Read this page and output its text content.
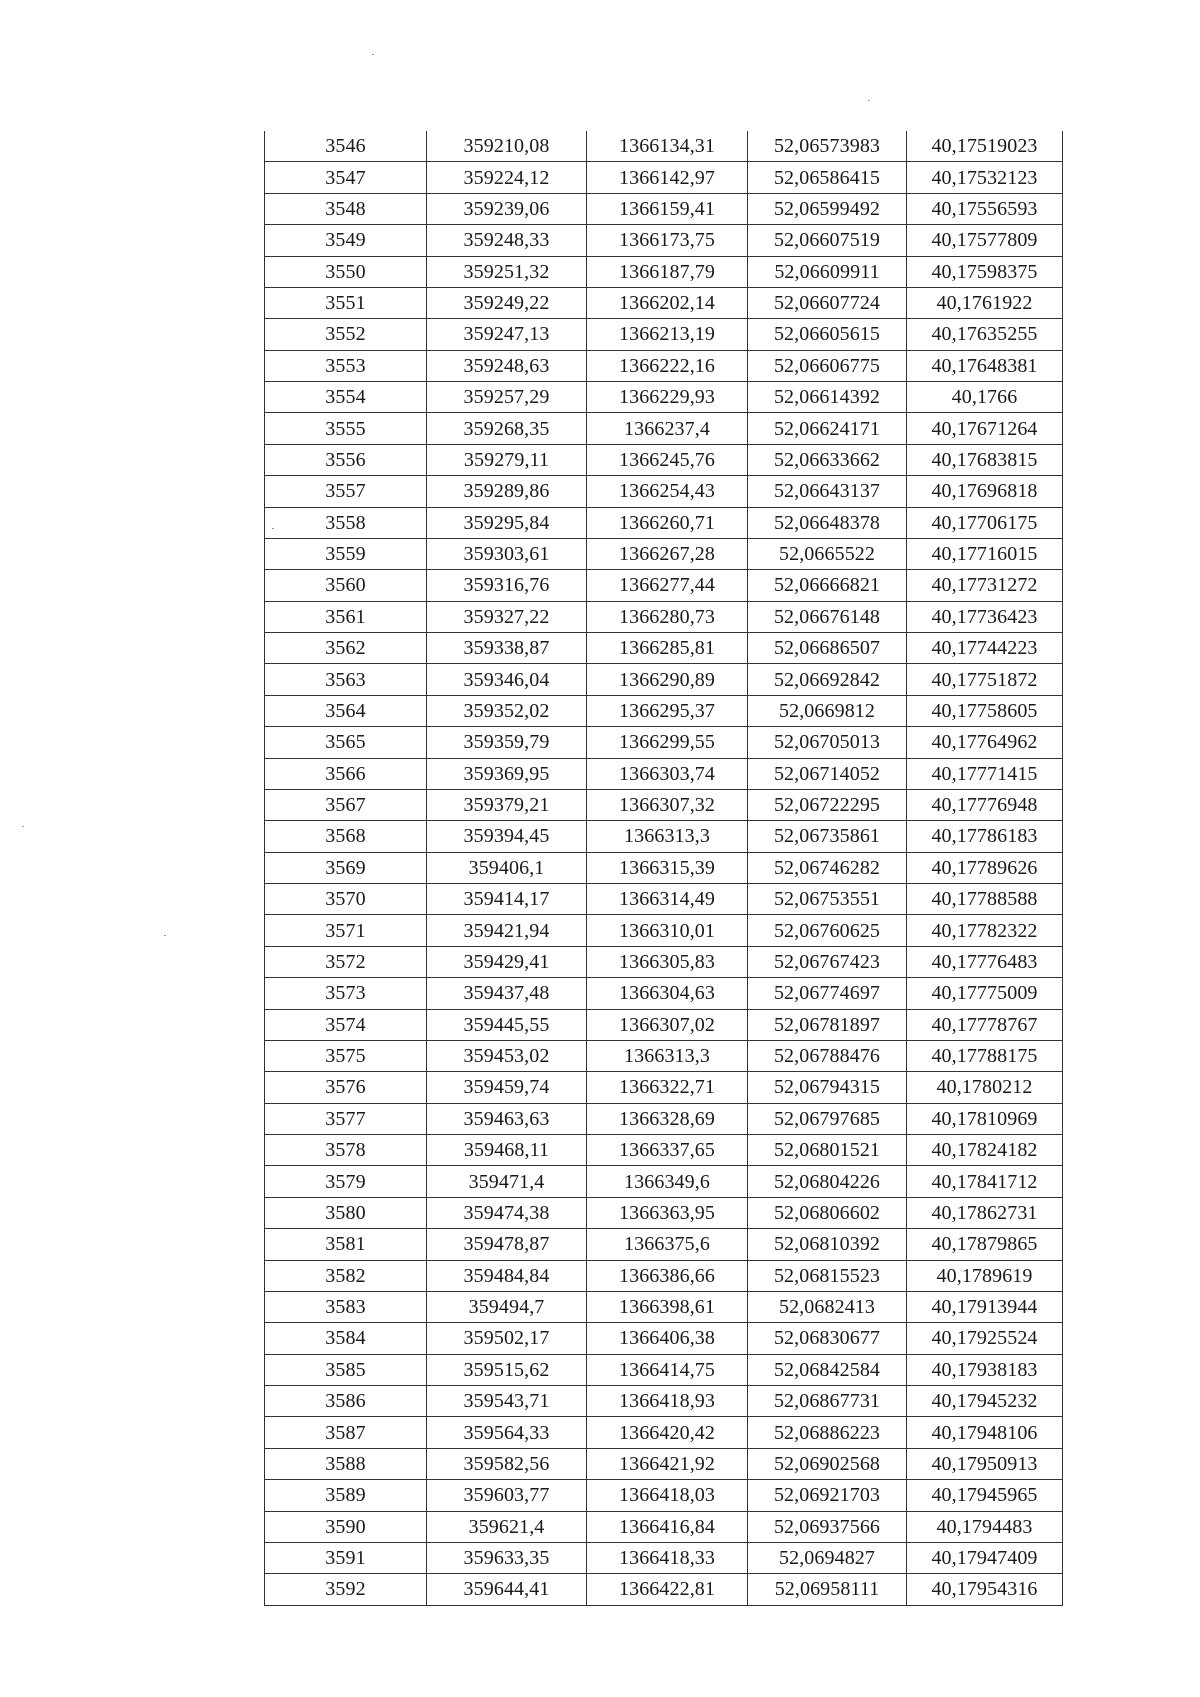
3546	359210,08	1366134,31	52,06573983	40,17519023
3547	359224,12	1366142,97	52,06586415	40,17532123
3548	359239,06	1366159,41	52,06599492	40,17556593
3549	359248,33	1366173,75	52,06607519	40,17577809
3550	359251,32	1366187,79	52,06609911	40,17598375
3551	359249,22	1366202,14	52,06607724	40,1761922
3552	359247,13	1366213,19	52,06605615	40,17635255
3553	359248,63	1366222,16	52,06606775	40,17648381
3554	359257,29	1366229,93	52,06614392	40,1766
3555	359268,35	1366237,4	52,06624171	40,17671264
3556	359279,11	1366245,76	52,06633662	40,17683815
3557	359289,86	1366254,43	52,06643137	40,17696818
3558	359295,84	1366260,71	52,06648378	40,17706175
3559	359303,61	1366267,28	52,0665522	40,17716015
3560	359316,76	1366277,44	52,06666821	40,17731272
3561	359327,22	1366280,73	52,06676148	40,17736423
3562	359338,87	1366285,81	52,06686507	40,17744223
3563	359346,04	1366290,89	52,06692842	40,17751872
3564	359352,02	1366295,37	52,0669812	40,17758605
3565	359359,79	1366299,55	52,06705013	40,17764962
3566	359369,95	1366303,74	52,06714052	40,17771415
3567	359379,21	1366307,32	52,06722295	40,17776948
3568	359394,45	1366313,3	52,06735861	40,17786183
3569	359406,1	1366315,39	52,06746282	40,17789626
3570	359414,17	1366314,49	52,06753551	40,17788588
3571	359421,94	1366310,01	52,06760625	40,17782322
3572	359429,41	1366305,83	52,06767423	40,17776483
3573	359437,48	1366304,63	52,06774697	40,17775009
3574	359445,55	1366307,02	52,06781897	40,17778767
3575	359453,02	1366313,3	52,06788476	40,17788175
3576	359459,74	1366322,71	52,06794315	40,1780212
3577	359463,63	1366328,69	52,06797685	40,17810969
3578	359468,11	1366337,65	52,06801521	40,17824182
3579	359471,4	1366349,6	52,06804226	40,17841712
3580	359474,38	1366363,95	52,06806602	40,17862731
3581	359478,87	1366375,6	52,06810392	40,17879865
3582	359484,84	1366386,66	52,06815523	40,1789619
3583	359494,7	1366398,61	52,0682413	40,17913944
3584	359502,17	1366406,38	52,06830677	40,17925524
3585	359515,62	1366414,75	52,06842584	40,17938183
3586	359543,71	1366418,93	52,06867731	40,17945232
3587	359564,33	1366420,42	52,06886223	40,17948106
3588	359582,56	1366421,92	52,06902568	40,17950913
3589	359603,77	1366418,03	52,06921703	40,17945965
3590	359621,4	1366416,84	52,06937566	40,1794483
3591	359633,35	1366418,33	52,0694827	40,17947409
3592	359644,41	1366422,81	52,06958111	40,17954316
